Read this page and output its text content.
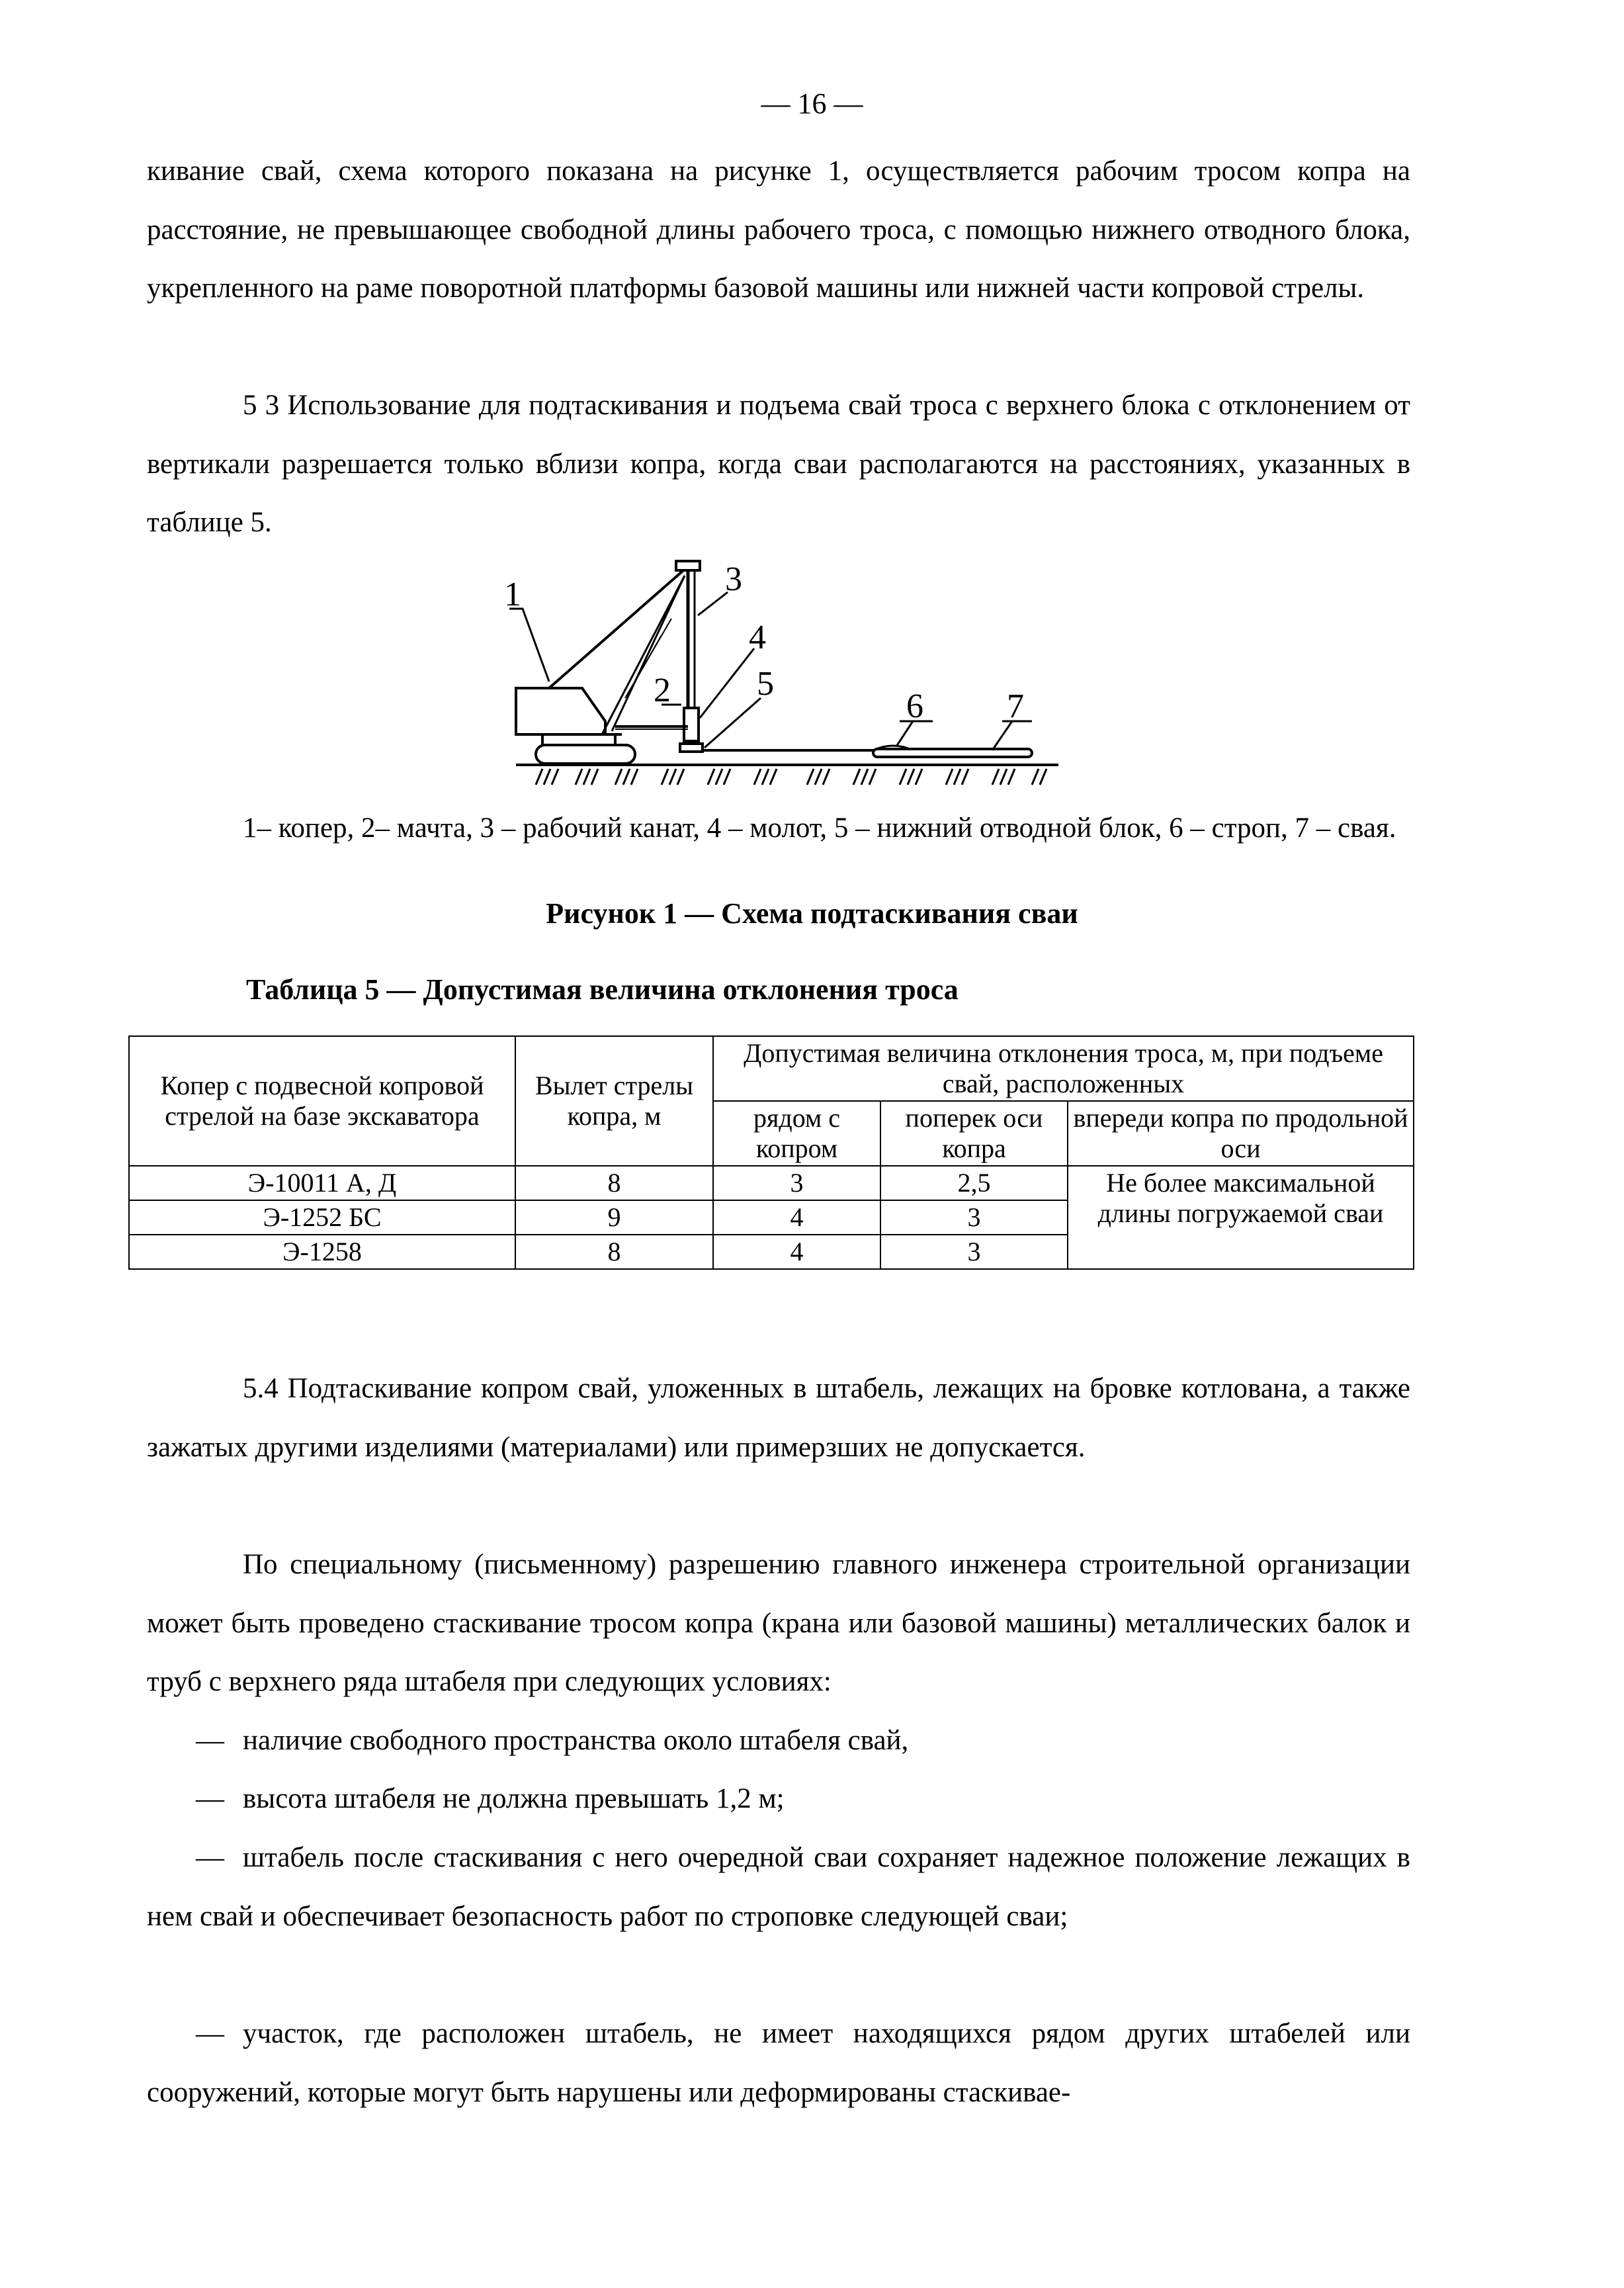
— 16 —

кивание свай, схема которого показана на рисунке 1, осуществляется рабочим тросом копра на расстояние, не превышающее свободной длины рабочего троса, с помощью нижнего отводного блока, укрепленного на раме поворотной платформы базовой машины или нижней части копровой стрелы.

5 3 Использование для подтаскивания и подъема свай троса с верхнего блока с отклонением от вертикали разрешается только вблизи копра, когда сваи располагаются на расстояниях, указанных в таблице 5.

1
2
3
4
5
6 7

1– копер, 2– мачта, 3 – рабочий канат, 4 – молот, 5 – нижний отводной блок, 6 – строп, 7 – свая.

Рисунок 1 — Схема подтаскивания сваи
Таблица 5 — Допустимая величина отклонения троса
Копер с подвесной копровой стрелой на базе экскаватора	Вылет стрелы копра, м	Допустимая величина отклонения троса, м, при подъеме свай, расположенных		
		рядом с копром	поперек оси копра	впереди копра по продольной оси
Э-10011 А, Д	8	3	2,5	Не более максимальной длины погружаемой сваи
Э-1252 БС	9	4	3	
Э-1258	8	4	3	

5.4 Подтаскивание копром свай, уложенных в штабель, лежащих на бровке котлована, а также зажатых другими изделиями (материалами) или примерзших не допускается.

По специальному (письменному) разрешению главного инженера строительной организации может быть проведено стаскивание тросом копра (крана или базовой машины) металлических балок и труб с верхнего ряда штабеля при следующих условиях:

— наличие свободного пространства около штабеля свай,

— высота штабеля не должна превышать 1,2 м;

— штабель после стаскивания с него очередной сваи сохраняет надежное положение лежащих в нем свай и обеспечивает безопасность работ по строповке следующей сваи;

— участок, где расположен штабель, не имеет находящихся рядом других штабелей или сооружений, которые могут быть нарушены или деформированы стаскивае-
